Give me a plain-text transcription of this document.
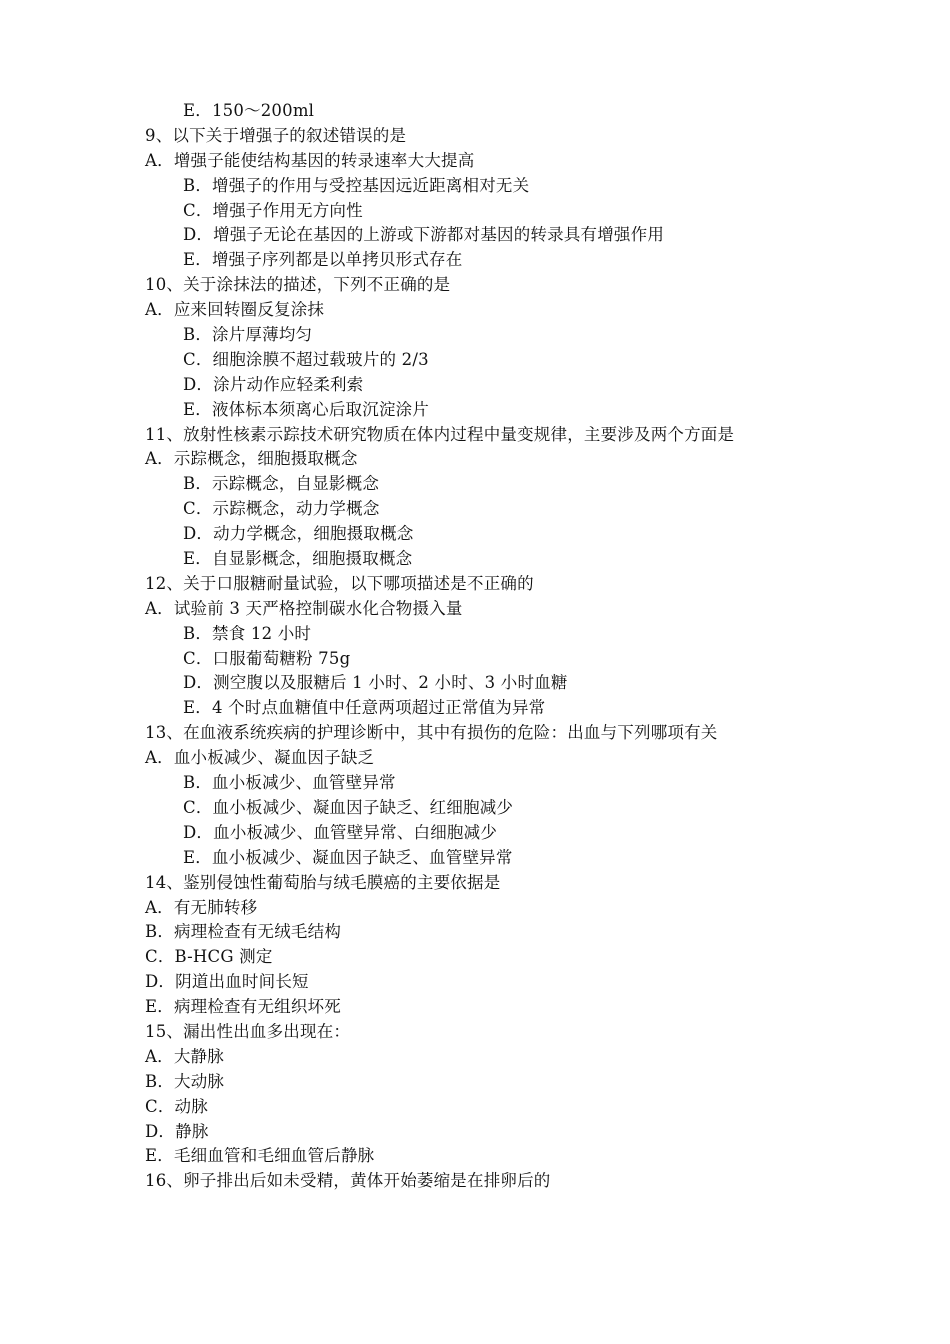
E．150～200ml
9、以下关于增强子的叙述错误的是
A．增强子能使结构基因的转录速率大大提高
B．增强子的作用与受控基因远近距离相对无关
C．增强子作用无方向性
D．增强子无论在基因的上游或下游都对基因的转录具有增强作用
E．增强子序列都是以单拷贝形式存在
10、关于涂抹法的描述，下列不正确的是
A．应来回转圈反复涂抹
B．涂片厚薄均匀
C．细胞涂膜不超过载玻片的 2/3
D．涂片动作应轻柔利索
E．液体标本须离心后取沉淀涂片
11、放射性核素示踪技术研究物质在体内过程中量变规律，主要涉及两个方面是
A．示踪概念，细胞摄取概念
B．示踪概念，自显影概念
C．示踪概念，动力学概念
D．动力学概念，细胞摄取概念
E．自显影概念，细胞摄取概念
12、关于口服糖耐量试验，以下哪项描述是不正确的
A．试验前 3 天严格控制碳水化合物摄入量
B．禁食 12 小时
C．口服葡萄糖粉 75g
D．测空腹以及服糖后 1 小时、2 小时、3 小时血糖
E．4 个时点血糖值中任意两项超过正常值为异常
13、在血液系统疾病的护理诊断中，其中有损伤的危险：出血与下列哪项有关
A．血小板减少、凝血因子缺乏
B．血小板减少、血管壁异常
C．血小板减少、凝血因子缺乏、红细胞减少
D．血小板减少、血管壁异常、白细胞减少
E．血小板减少、凝血因子缺乏、血管壁异常
14、鉴别侵蚀性葡萄胎与绒毛膜癌的主要依据是
A．有无肺转移
B．病理检查有无绒毛结构
C．B-HCG 测定
D．阴道出血时间长短
E．病理检查有无组织坏死
15、漏出性出血多出现在：
A．大静脉
B．大动脉
C．动脉
D．静脉
E．毛细血管和毛细血管后静脉
16、卵子排出后如未受精，黄体开始萎缩是在排卵后的
